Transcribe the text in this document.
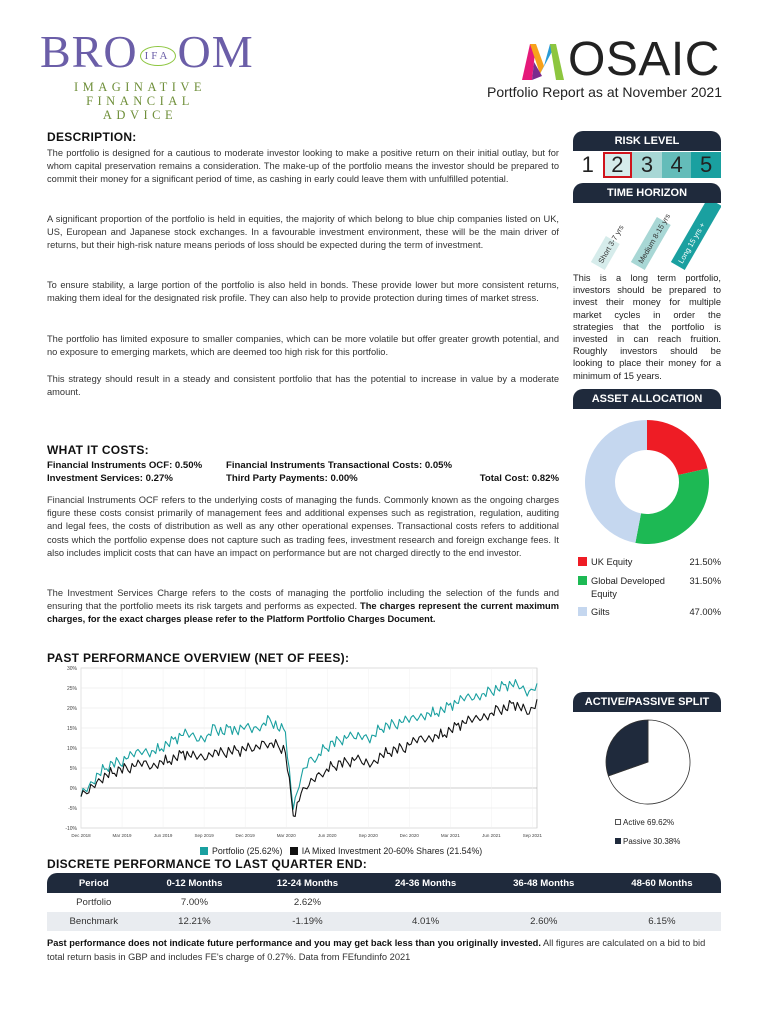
BRO IFA OM
IMAGINATIVE
FINANCIAL
ADVICE
OSAIC
Portfolio Report as at November 2021
DESCRIPTION:
The portfolio is designed for a cautious to moderate investor looking to make a positive return on their initial outlay, but for whom capital preservation remains a consideration. The make-up of the portfolio means the investor should be prepared to commit their money for a significant period of time, as cashing in early could leave them with unfulfilled potential.
A significant proportion of the portfolio is held in equities, the majority of which belong to blue chip companies listed on UK, US, European and Japanese stock exchanges. In a favourable investment environment, these will be the main driver of returns, but their high-risk nature means periods of loss should be expected during the term of investment.
To ensure stability, a large portion of the portfolio is also held in bonds. These provide lower but more consistent returns, making them ideal for the designated risk profile. They can also help to provide protection during times of market stress.
The portfolio has limited exposure to smaller companies, which can be more volatile but offer greater growth potential, and no exposure to emerging markets, which are deemed too high risk for this portfolio.
This strategy should result in a steady and consistent portfolio that has the potential to increase in value by a moderate amount.
WHAT IT COSTS:
Financial Instruments OCF: 0.50% Financial Instruments Transactional Costs: 0.05%
Investment Services: 0.27%	Third Party Payments: 0.00%	Total Cost: 0.82%
Financial Instruments OCF refers to the underlying costs of managing the funds. Commonly known as the ongoing charges figure these costs consist primarily of management fees and additional expenses such as registration, regulation, auditing and legal fees, the costs of distribution as well as any other operational expenses. Transactional costs refers to additional costs which the portfolio expense does not capture such as trading fees, investment research and foreign exchange fees. It also includes implicit costs that can have an impact on performance but are not charged directly to the end investor.
The Investment Services Charge refers to the costs of managing the portfolio including the selection of the funds and ensuring that the portfolio meets its risk targets and performs as expected. The charges represent the current maximum charges, for the exact charges please refer to the Platform Portfolio Charges Document.
RISK LEVEL
1 2 3 4 5
TIME HORIZON
Short 3-7 yrs Medium 8-15 yrs Long 15 yrs +
This is a long term portfolio, investors should be prepared to invest their money for multiple market cycles in order the strategies that the portfolio is invested in can reach fruition. Roughly investors should be looking to place their money for a minimum of 15 years.
ASSET ALLOCATION
UK Equity	21.50%
Global Developed Equity
31.50%
Gilts	47.00%
ACTIVE/PASSIVE SPLIT
Active 69.62%
Passive 30.38%
PAST PERFORMANCE OVERVIEW (NET OF FEES):
30%
25%
20%
15%
10%
5%
0%
-5%
-10%
Dec 2018	Mar 2019	Jun 2019	Sep 2019	Dec 2019	Mar 2020	Jun 2020	Sep 2020	Dec 2020	Mar 2021	Jun 2021	Sep 2021
Portfolio (25.62%) IA Mixed Investment 20-60% Shares (21.54%)
DISCRETE PERFORMANCE TO LAST QUARTER END:
Period	0-12 Months	12-24 Months	24-36 Months	36-48 Months	48-60 Months
Portfolio	7.00%	2.62%			
Benchmark	12.21%	-1.19%	4.01%	2.60%	6.15%
Past performance does not indicate future performance and you may get back less than you originally invested. All figures are calculated on a bid to bid total return basis in GBP and includes FE's charge of 0.27%. Data from FEfundinfo 2021
